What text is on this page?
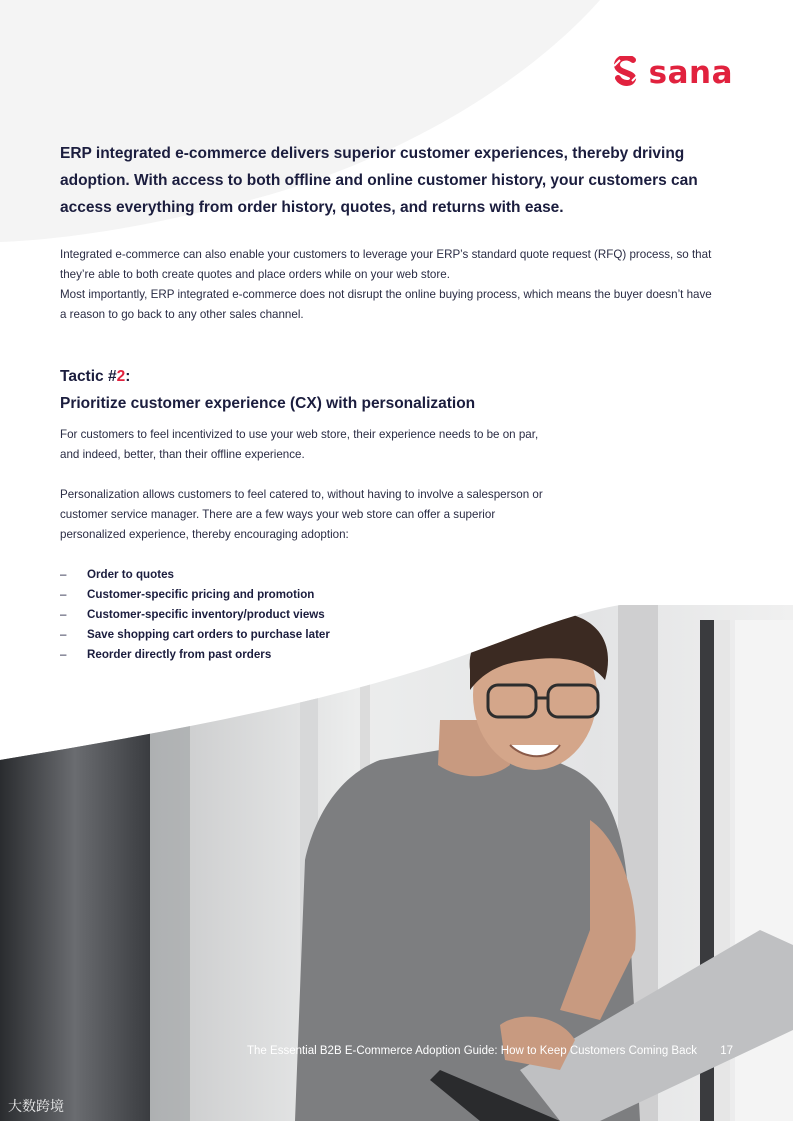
sana

ERP integrated e-commerce delivers superior customer experiences, thereby driving adoption. With access to both offline and online customer history, your customers can access everything from order history, quotes, and returns with ease.

Integrated e-commerce can also enable your customers to leverage your ERP’s standard quote request (RFQ) process, so that they’re able to both create quotes and place orders while on your web store.

Most importantly, ERP integrated e-commerce does not disrupt the online buying process, which means the buyer doesn’t have a reason to go back to any other sales channel.

Tactic #2:
Prioritize customer experience (CX) with personalization

For customers to feel incentivized to use your web store, their experience needs to be on par, and indeed, better, than their offline experience.

Personalization allows customers to feel catered to, without having to involve a salesperson or customer service manager. There are a few ways your web store can offer a superior personalized experience, thereby encouraging adoption:

–	Order to quotes
–	Customer-specific pricing and promotion
–	Customer-specific inventory/product views
–	Save shopping cart orders to purchase later
–	Reorder directly from past orders
The Essential B2B E-Commerce Adoption Guide: How to Keep Customers Coming Back 17
大数跨境
